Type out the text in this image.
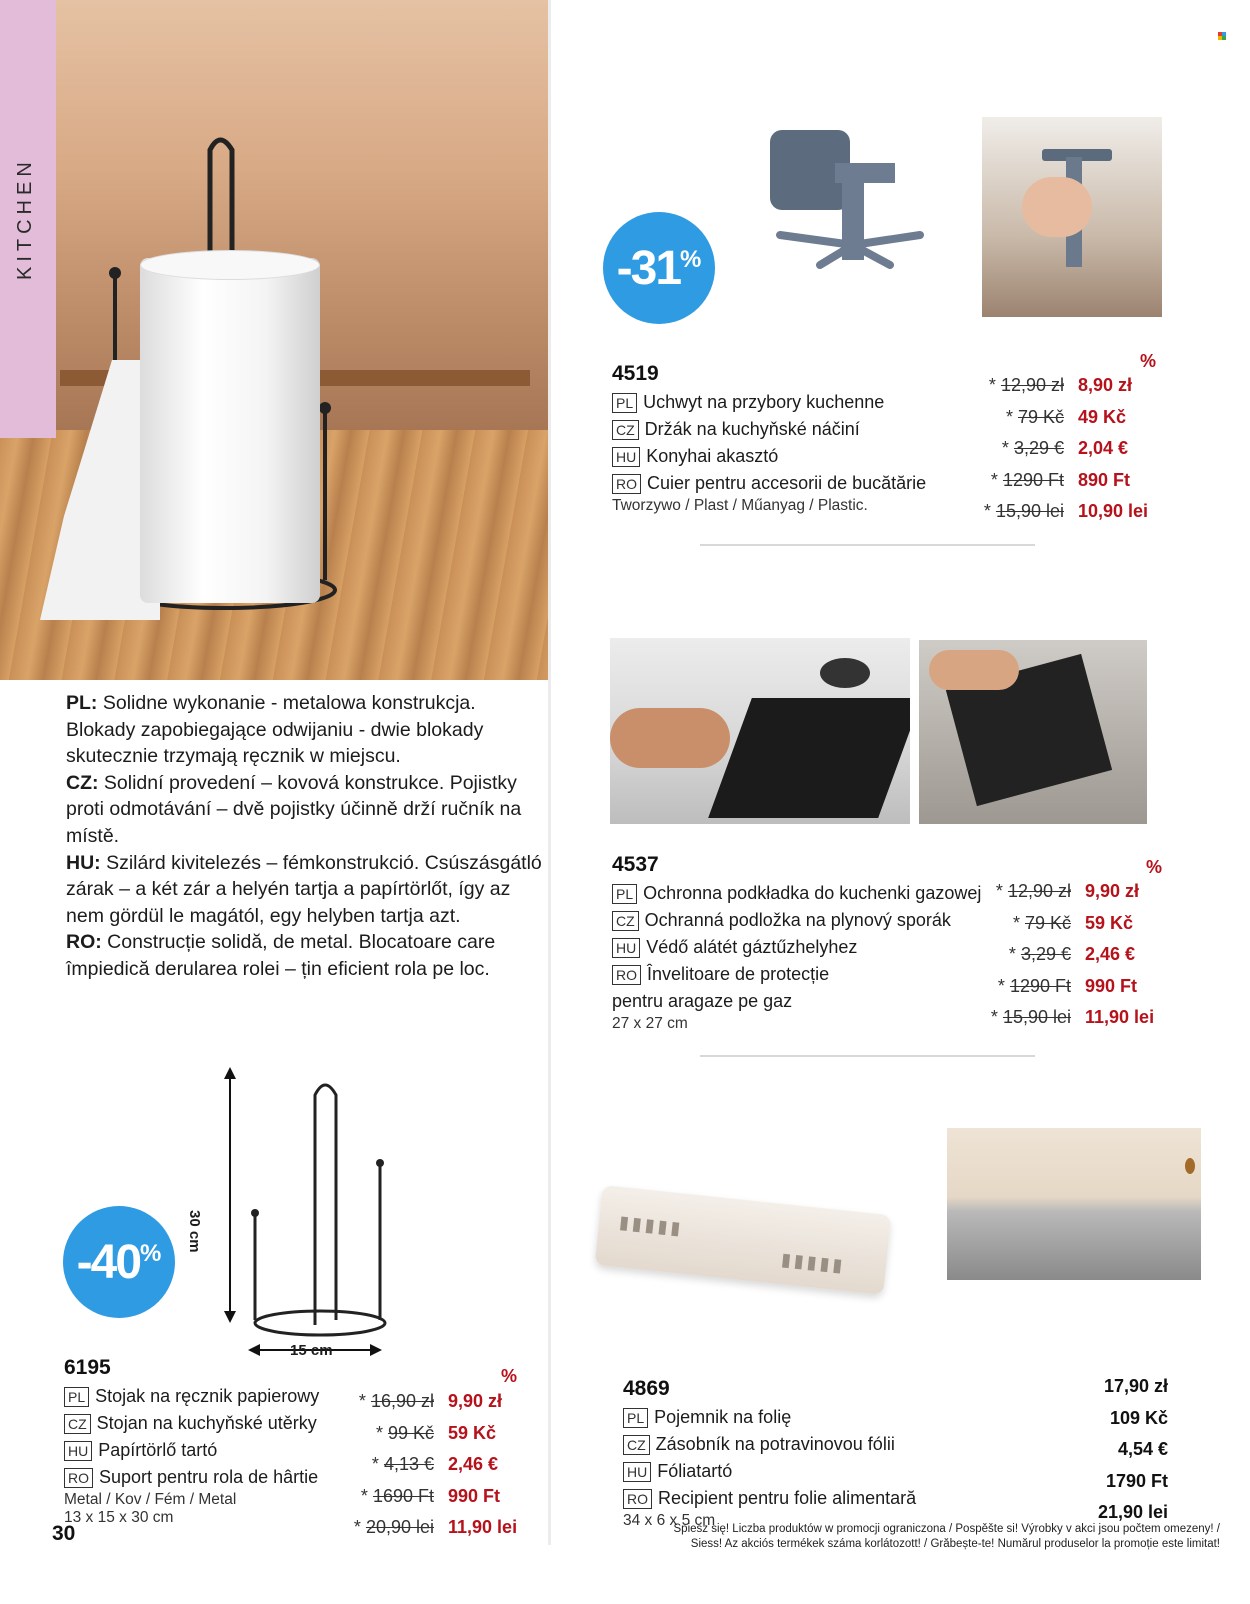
KITCHEN
PL: Solidne wykonanie - metalowa konstrukcja. Blokady zapobiegające odwijaniu - dwie blokady skutecznie trzymają ręcznik w miejscu.
CZ: Solidní provedení – kovová konstrukce. Pojistky proti odmotávání – dvě pojistky účinně drží ručník na místě.
HU: Szilárd kivitelezés – fémkonstrukció. Csúszásgátló zárak – a két zár a helyén tartja a papírtörlőt, így az nem gördül le magától, egy helyben tartja azt.
RO: Construcție solidă, de metal. Blocatoare care împiedică derularea rolei – țin eficient rola pe loc.
-31 %
4519
PL Uchwyt na przybory kuchenne
CZ Držák na kuchyňské náčiní
HU Konyhai akasztó
RO Cuier pentru accesorii de bucătărie
Tworzywo / Plast / Műanyag / Plastic.
%
* 12,90 zł 8,90 zł
* 79 Kč 49 Kč
* 3,29 € 2,04 €
* 1290 Ft 890 Ft
* 15,90 lei 10,90 lei
4537
PL Ochronna podkładka do kuchenki gazowej
CZ Ochranná podložka na plynový sporák
HU Védő alátét gáztűzhelyhez
RO Învelitoare de protecție
pentru aragaze pe gaz
27 x 27 cm
%
* 12,90 zł 9,90 zł
* 79 Kč 59 Kč
* 3,29 € 2,46 €
* 1290 Ft 990 Ft
* 15,90 lei 11,90 lei
30 cm
15 cm
-40 %
6195
PL Stojak na ręcznik papierowy
CZ Stojan na kuchyňské utěrky
HU Papírtörlő tartó
RO Suport pentru rola de hârtie
Metal / Kov / Fém / Metal
13 x 15 x 30 cm
%
* 16,90 zł 9,90 zł
* 99 Kč 59 Kč
* 4,13 € 2,46 €
* 1690 Ft 990 Ft
* 20,90 lei 11,90 lei
▮▮▮▮▮
▮▮▮▮▮
4869
PL Pojemnik na folię
CZ Zásobník na potravinovou fólii
HU Fóliatartó
RO Recipient pentru folie alimentară
34 x 6 x 5 cm
17,90 zł
109 Kč
4,54 €
1790 Ft
21,90 lei
30	Spiesz się! Liczba produktów w promocji ograniczona / Pospěšte si! Výrobky v akci jsou počtem omezeny! /
Siess! Az akciós termékek száma korlátozott! / Grăbește-te! Numărul produselor la promoție este limitat!
